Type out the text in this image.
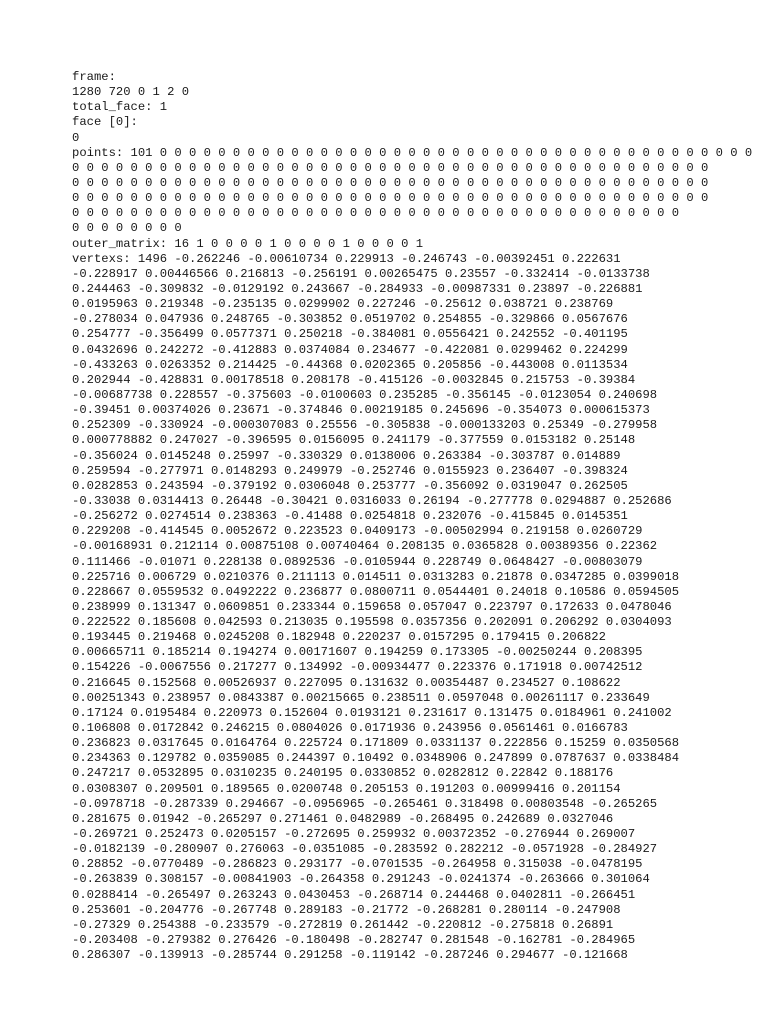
frame:
1280 720 0 1 2 0
total_face: 1
face [0]:
0
points: 101 0 0 0 0 0 0 0 0 0 0 0 0 0 0 0 0 0 0 0 0 0 0 0 0 0 0 0 0 0 0 0 0 0 0 0 0 0 0 0 0 0
0 0 0 0 0 0 0 0 0 0 0 0 0 0 0 0 0 0 0 0 0 0 0 0 0 0 0 0 0 0 0 0 0 0 0 0 0 0 0 0 0 0 0 0
0 0 0 0 0 0 0 0 0 0 0 0 0 0 0 0 0 0 0 0 0 0 0 0 0 0 0 0 0 0 0 0 0 0 0 0 0 0 0 0 0 0 0 0
0 0 0 0 0 0 0 0 0 0 0 0 0 0 0 0 0 0 0 0 0 0 0 0 0 0 0 0 0 0 0 0 0 0 0 0 0 0 0 0 0 0 0 0
0 0 0 0 0 0 0 0 0 0 0 0 0 0 0 0 0 0 0 0 0 0 0 0 0 0 0 0 0 0 0 0 0 0 0 0 0 0 0 0 0 0
0 0 0 0 0 0 0 0
outer_matrix: 16 1 0 0 0 0 1 0 0 0 0 1 0 0 0 0 1
vertexs: 1496 -0.262246 -0.00610734 0.229913 -0.246743 -0.00392451 0.222631
-0.228917 0.00446566 0.216813 -0.256191 0.00265475 0.23557 -0.332414 -0.0133738
0.244463 -0.309832 -0.0129192 0.243667 -0.284933 -0.00987331 0.23897 -0.226881
0.0195963 0.219348 -0.235135 0.0299902 0.227246 -0.25612 0.038721 0.238769
-0.278034 0.047936 0.248765 -0.303852 0.0519702 0.254855 -0.329866 0.0567676
0.254777 -0.356499 0.0577371 0.250218 -0.384081 0.0556421 0.242552 -0.401195
0.0432696 0.242272 -0.412883 0.0374084 0.234677 -0.422081 0.0299462 0.224299
-0.433263 0.0263352 0.214425 -0.44368 0.0202365 0.205856 -0.443008 0.0113534
0.202944 -0.428831 0.00178518 0.208178 -0.415126 -0.0032845 0.215753 -0.39384
-0.00687738 0.228557 -0.375603 -0.0100603 0.235285 -0.356145 -0.0123054 0.240698
-0.39451 0.00374026 0.23671 -0.374846 0.00219185 0.245696 -0.354073 0.000615373
0.252309 -0.330924 -0.000307083 0.25556 -0.305838 -0.000133203 0.25349 -0.279958
0.000778882 0.247027 -0.396595 0.0156095 0.241179 -0.377559 0.0153182 0.25148
-0.356024 0.0145248 0.25997 -0.330329 0.0138006 0.263384 -0.303787 0.014889
0.259594 -0.277971 0.0148293 0.249979 -0.252746 0.0155923 0.236407 -0.398324
0.0282853 0.243594 -0.379192 0.0306048 0.253777 -0.356092 0.0319047 0.262505
-0.33038 0.0314413 0.26448 -0.30421 0.0316033 0.26194 -0.277778 0.0294887 0.252686
-0.256272 0.0274514 0.238363 -0.41488 0.0254818 0.232076 -0.415845 0.0145351
0.229208 -0.414545 0.0052672 0.223523 0.0409173 -0.00502994 0.219158 0.0260729
-0.00168931 0.212114 0.00875108 0.00740464 0.208135 0.0365828 0.00389356 0.22362
0.111466 -0.01071 0.228138 0.0892536 -0.0105944 0.228749 0.0648427 -0.00803079
0.225716 0.006729 0.0210376 0.211113 0.014511 0.0313283 0.21878 0.0347285 0.0399018
0.228667 0.0559532 0.0492222 0.236877 0.0800711 0.0544401 0.24018 0.10586 0.0594505
0.238999 0.131347 0.0609851 0.233344 0.159658 0.057047 0.223797 0.172633 0.0478046
0.222522 0.185608 0.042593 0.213035 0.195598 0.0357356 0.202091 0.206292 0.0304093
0.193445 0.219468 0.0245208 0.182948 0.220237 0.0157295 0.179415 0.206822
0.00665711 0.185214 0.194274 0.00171607 0.194259 0.173305 -0.00250244 0.208395
0.154226 -0.0067556 0.217277 0.134992 -0.00934477 0.223376 0.171918 0.00742512
0.216645 0.152568 0.00526937 0.227095 0.131632 0.00354487 0.234527 0.108622
0.00251343 0.238957 0.0843387 0.00215665 0.238511 0.0597048 0.00261117 0.233649
0.17124 0.0195484 0.220973 0.152604 0.0193121 0.231617 0.131475 0.0184961 0.241002
0.106808 0.0172842 0.246215 0.0804026 0.0171936 0.243956 0.0561461 0.0166783
0.236823 0.0317645 0.0164764 0.225724 0.171809 0.0331137 0.222856 0.15259 0.0350568
0.234363 0.129782 0.0359085 0.244397 0.10492 0.0348906 0.247899 0.0787637 0.0338484
0.247217 0.0532895 0.0310235 0.240195 0.0330852 0.0282812 0.22842 0.188176
0.0308307 0.209501 0.189565 0.0200748 0.205153 0.191203 0.00999416 0.201154
-0.0978718 -0.287339 0.294667 -0.0956965 -0.265461 0.318498 0.00803548 -0.265265
0.281675 0.01942 -0.265297 0.271461 0.0482989 -0.268495 0.242689 0.0327046
-0.269721 0.252473 0.0205157 -0.272695 0.259932 0.00372352 -0.276944 0.269007
-0.0182139 -0.280907 0.276063 -0.0351085 -0.283592 0.282212 -0.0571928 -0.284927
0.28852 -0.0770489 -0.286823 0.293177 -0.0701535 -0.264958 0.315038 -0.0478195
-0.263839 0.308157 -0.00841903 -0.264358 0.291243 -0.0241374 -0.263666 0.301064
0.0288414 -0.265497 0.263243 0.0430453 -0.268714 0.244468 0.0402811 -0.266451
0.253601 -0.204776 -0.267748 0.289183 -0.21772 -0.268281 0.280114 -0.247908
-0.27329 0.254388 -0.233579 -0.272819 0.261442 -0.220812 -0.275818 0.26891
-0.203408 -0.279382 0.276426 -0.180498 -0.282747 0.281548 -0.162781 -0.284965
0.286307 -0.139913 -0.285744 0.291258 -0.119142 -0.287246 0.294677 -0.121668
